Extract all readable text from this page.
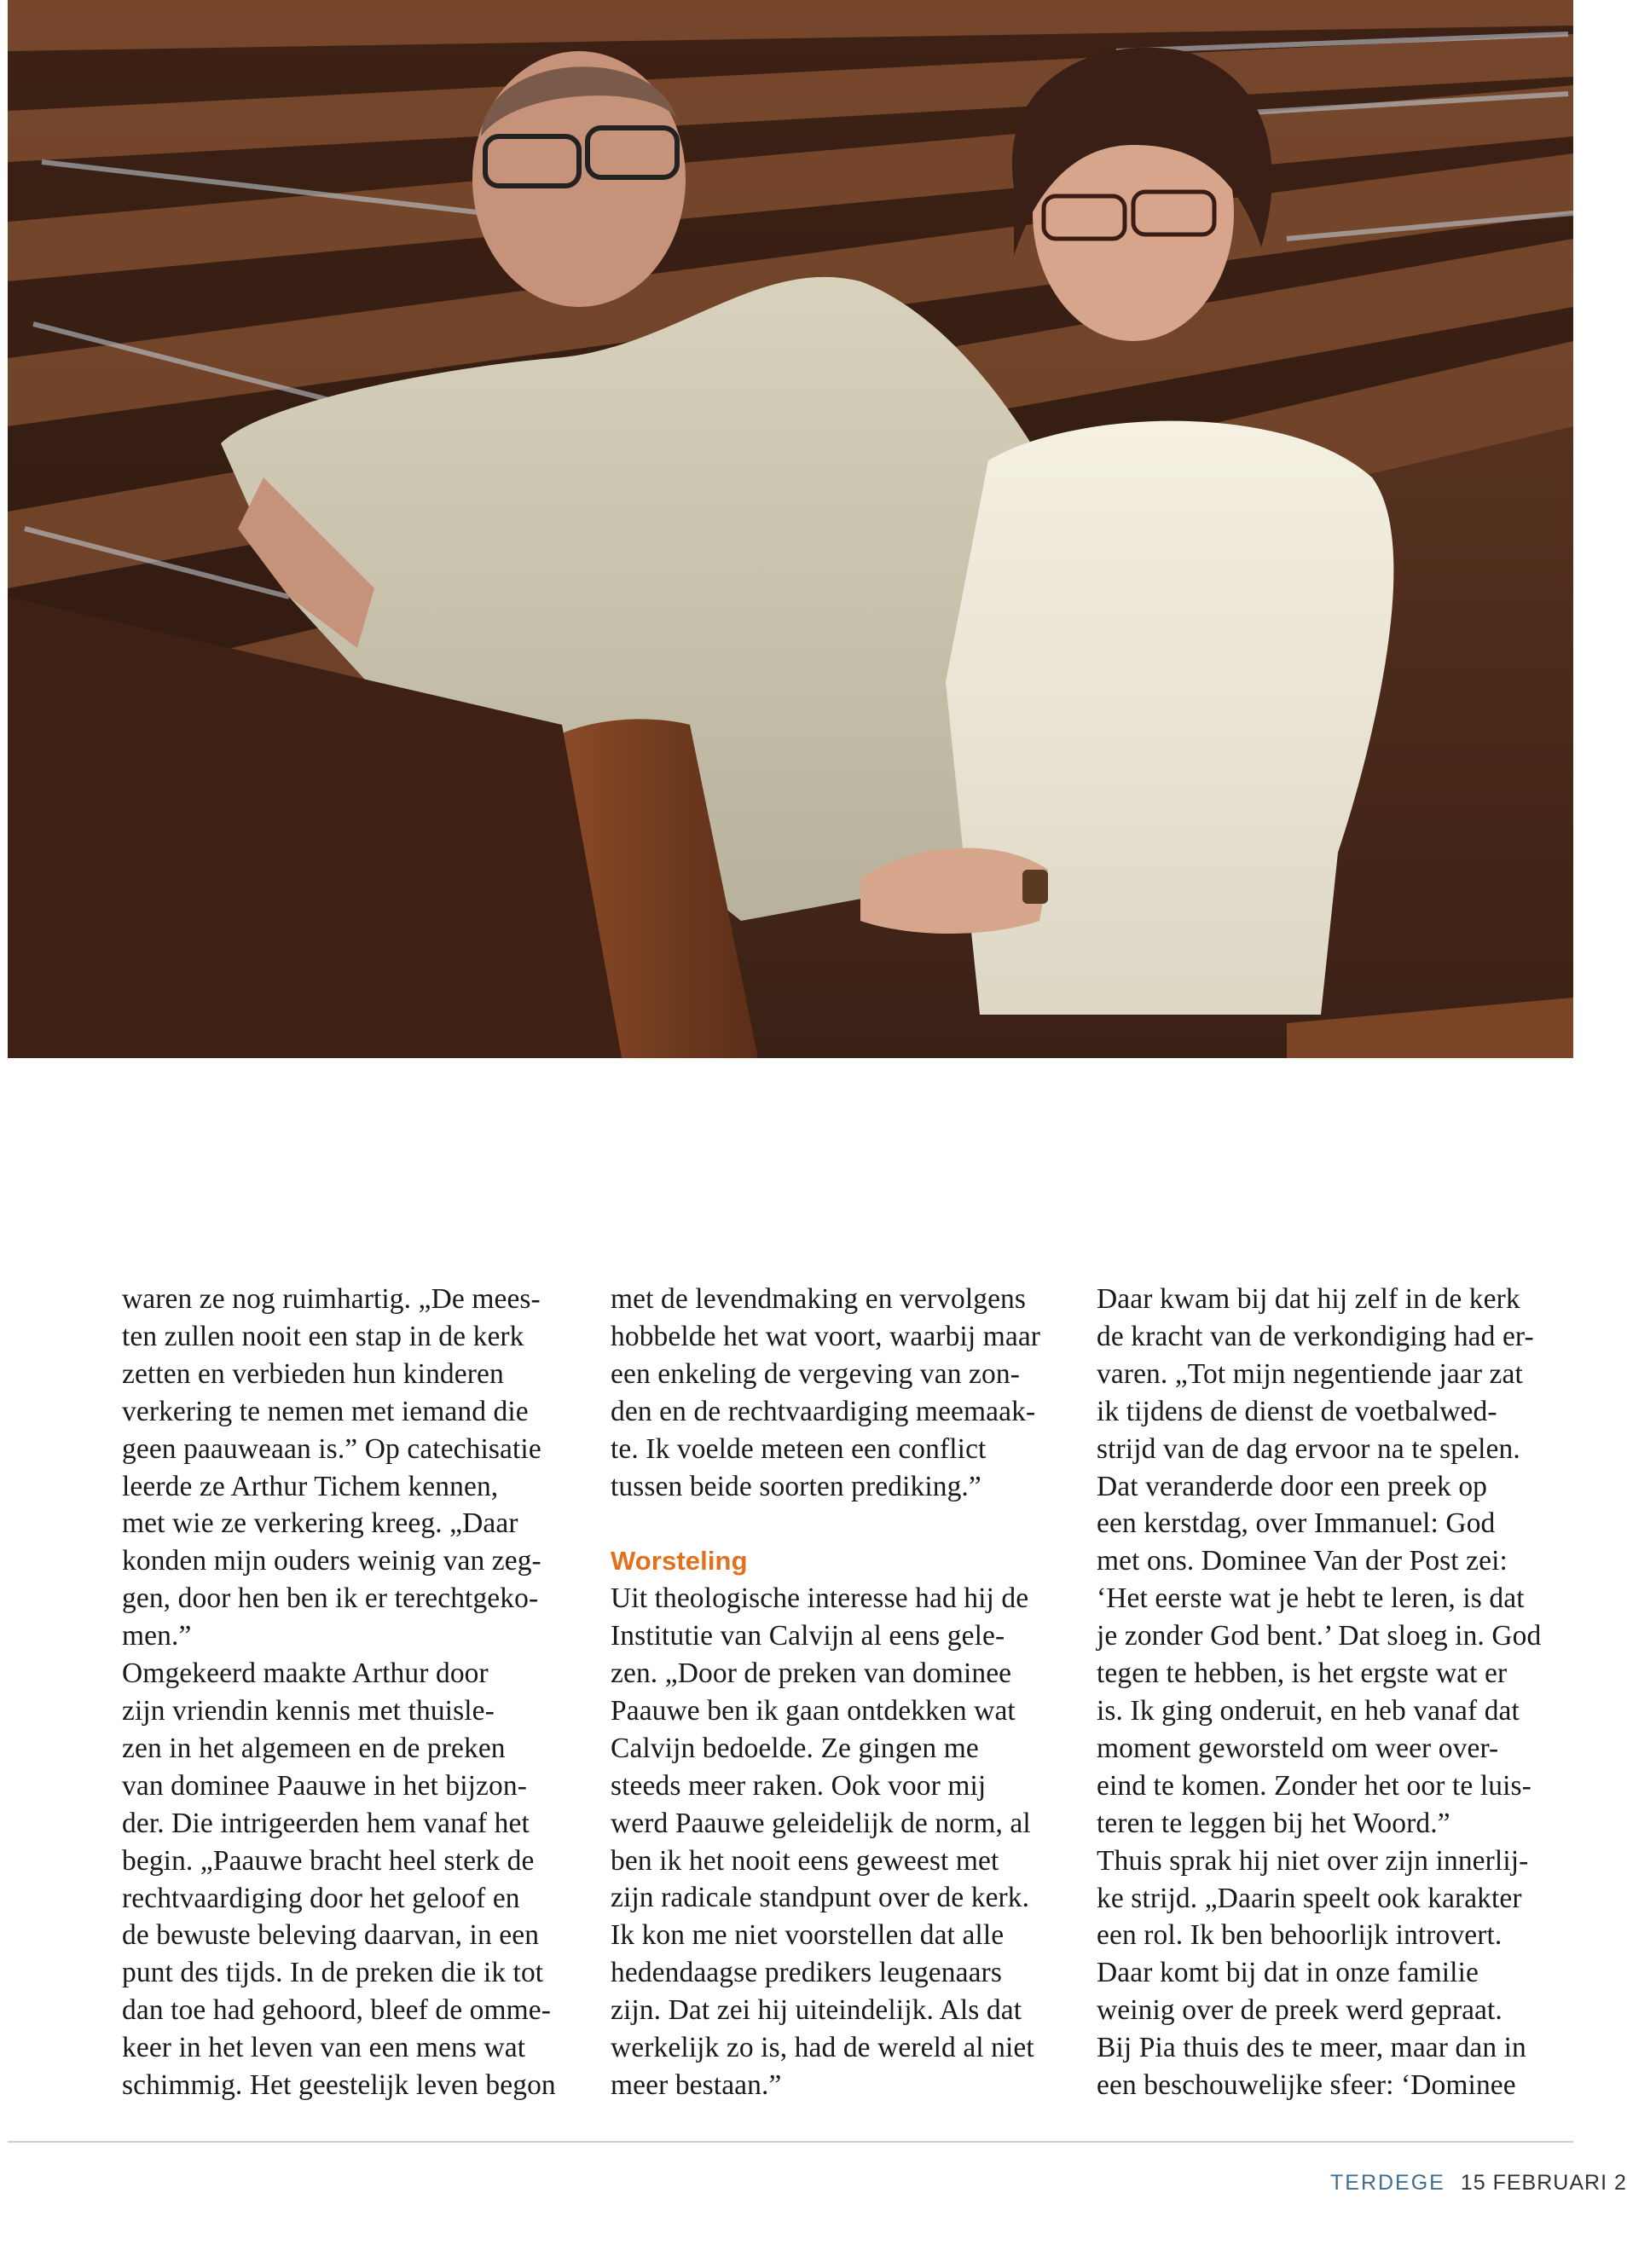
waren ze nog ruimhartig. „De mees-

ten zullen nooit een stap in de kerk

zetten en verbieden hun kinderen

verkering te nemen met iemand die

geen paauweaan is.” Op catechisatie

leerde ze Arthur Tichem kennen,

met wie ze verkering kreeg. „Daar

konden mijn ouders weinig van zeg-

gen, door hen ben ik er terechtgeko-

men.”

Omgekeerd maakte Arthur door

zijn vriendin kennis met thuisle-

zen in het algemeen en de preken

van dominee Paauwe in het bijzon-

der. Die intrigeerden hem vanaf het

begin. „Paauwe bracht heel sterk de

rechtvaardiging door het geloof en

de bewuste beleving daarvan, in een

punt des tijds. In de preken die ik tot

dan toe had gehoord, bleef de omme-

keer in het leven van een mens wat

schimmig. Het geestelijk leven begon

met de levendmaking en vervolgens

hobbelde het wat voort, waarbij maar

een enkeling de vergeving van zon-

den en de rechtvaardiging meemaak-

te. Ik voelde meteen een conflict

tussen beide soorten prediking.”

Worsteling

Uit theologische interesse had hij de

Institutie van Calvijn al eens gele-

zen. „Door de preken van dominee

Paauwe ben ik gaan ontdekken wat

Calvijn bedoelde. Ze gingen me

steeds meer raken. Ook voor mij

werd Paauwe geleidelijk de norm, al

ben ik het nooit eens geweest met

zijn radicale standpunt over de kerk.

Ik kon me niet voorstellen dat alle

hedendaagse predikers leugenaars

zijn. Dat zei hij uiteindelijk. Als dat

werkelijk zo is, had de wereld al niet

meer bestaan.”

Daar kwam bij dat hij zelf in de kerk

de kracht van de verkondiging had er-

varen. „Tot mijn negentiende jaar zat

ik tijdens de dienst de voetbalwed-

strijd van de dag ervoor na te spelen.

Dat veranderde door een preek op

een kerstdag, over Immanuel: God

met ons. Dominee Van der Post zei:

‘Het eerste wat je hebt te leren, is dat

je zonder God bent.’ Dat sloeg in. God

tegen te hebben, is het ergste wat er

is. Ik ging onderuit, en heb vanaf dat

moment geworsteld om weer over-

eind te komen. Zonder het oor te luis-

teren te leggen bij het Woord.”

Thuis sprak hij niet over zijn innerlij-

ke strijd. „Daarin speelt ook karakter

een rol. Ik ben behoorlijk introvert.

Daar komt bij dat in onze familie

weinig over de preek werd gepraat.

Bij Pia thuis des te meer, maar dan in

een beschouwelijke sfeer: ‘Dominee

TERDEGE 15 FEBRUARI 2
